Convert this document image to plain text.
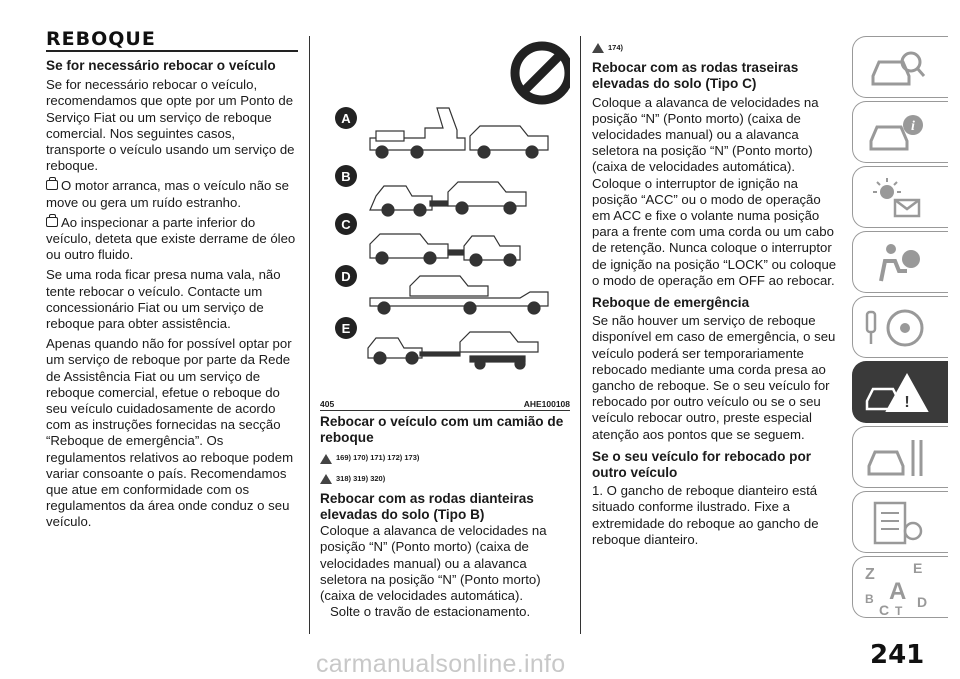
REBOQUE

Se for necessário rebocar o veículo

Se for necessário rebocar o veículo, recomendamos que opte por um Ponto de Serviço Fiat ou um serviço de reboque comercial. Nos seguintes casos, transporte o veículo usando um serviço de reboque.

O motor arranca, mas o veículo não se move ou gera um ruído estranho.

Ao inspecionar a parte inferior do veículo, deteta que existe derrame de óleo ou outro fluido.

Se uma roda ficar presa numa vala, não tente rebocar o veículo. Contacte um concessionário Fiat ou um serviço de reboque para obter assistência.

Apenas quando não for possível optar por um serviço de reboque por parte da Rede de Assistência Fiat ou um serviço de reboque comercial, efetue o reboque do seu veículo cuidadosamente de acordo com as instruções fornecidas na secção “Reboque de emergência”. Os regulamentos relativos ao reboque podem variar consoante o país. Recomendamos que atue em conformidade com os regulamentos da área onde conduz o seu veículo.

A
B
C
D
E
405	AHE100108

Rebocar o veículo com um camião de reboque

169) 170) 171) 172) 173)
318) 319) 320)

Rebocar com as rodas dianteiras elevadas do solo (Tipo B)

Coloque a alavanca de velocidades na posição “N” (Ponto morto) (caixa de velocidades manual) ou a alavanca seletora na posição “N” (Ponto morto) (caixa de velocidades automática).

Solte o travão de estacionamento.

174)

Rebocar com as rodas traseiras elevadas do solo (Tipo C)

Coloque a alavanca de velocidades na posição “N” (Ponto morto) (caixa de velocidades manual) ou a alavanca seletora na posição “N” (Ponto morto) (caixa de velocidades automática). Coloque o interruptor de ignição na posição “ACC” ou o modo de operação em ACC e fixe o volante numa posição para a frente com uma corda ou um cabo de retenção. Nunca coloque o interruptor de ignição na posição “LOCK” ou coloque o modo de operação em OFF ao rebocar.

Reboque de emergência

Se não houver um serviço de reboque disponível em caso de emergência, o seu veículo poderá ser temporariamente rebocado mediante uma corda presa ao gancho de reboque. Se o seu veículo for rebocado por outro veículo ou se o seu veículo rebocar outro, preste especial atenção aos pontos que se seguem.

Se o seu veículo for rebocado por outro veículo

1. O gancho de reboque dianteiro está situado conforme ilustrado. Fixe a extremidade do reboque ao gancho de reboque dianteiro.

i
!
Z	E
B A
C T
D
241
carmanualsonline.info
